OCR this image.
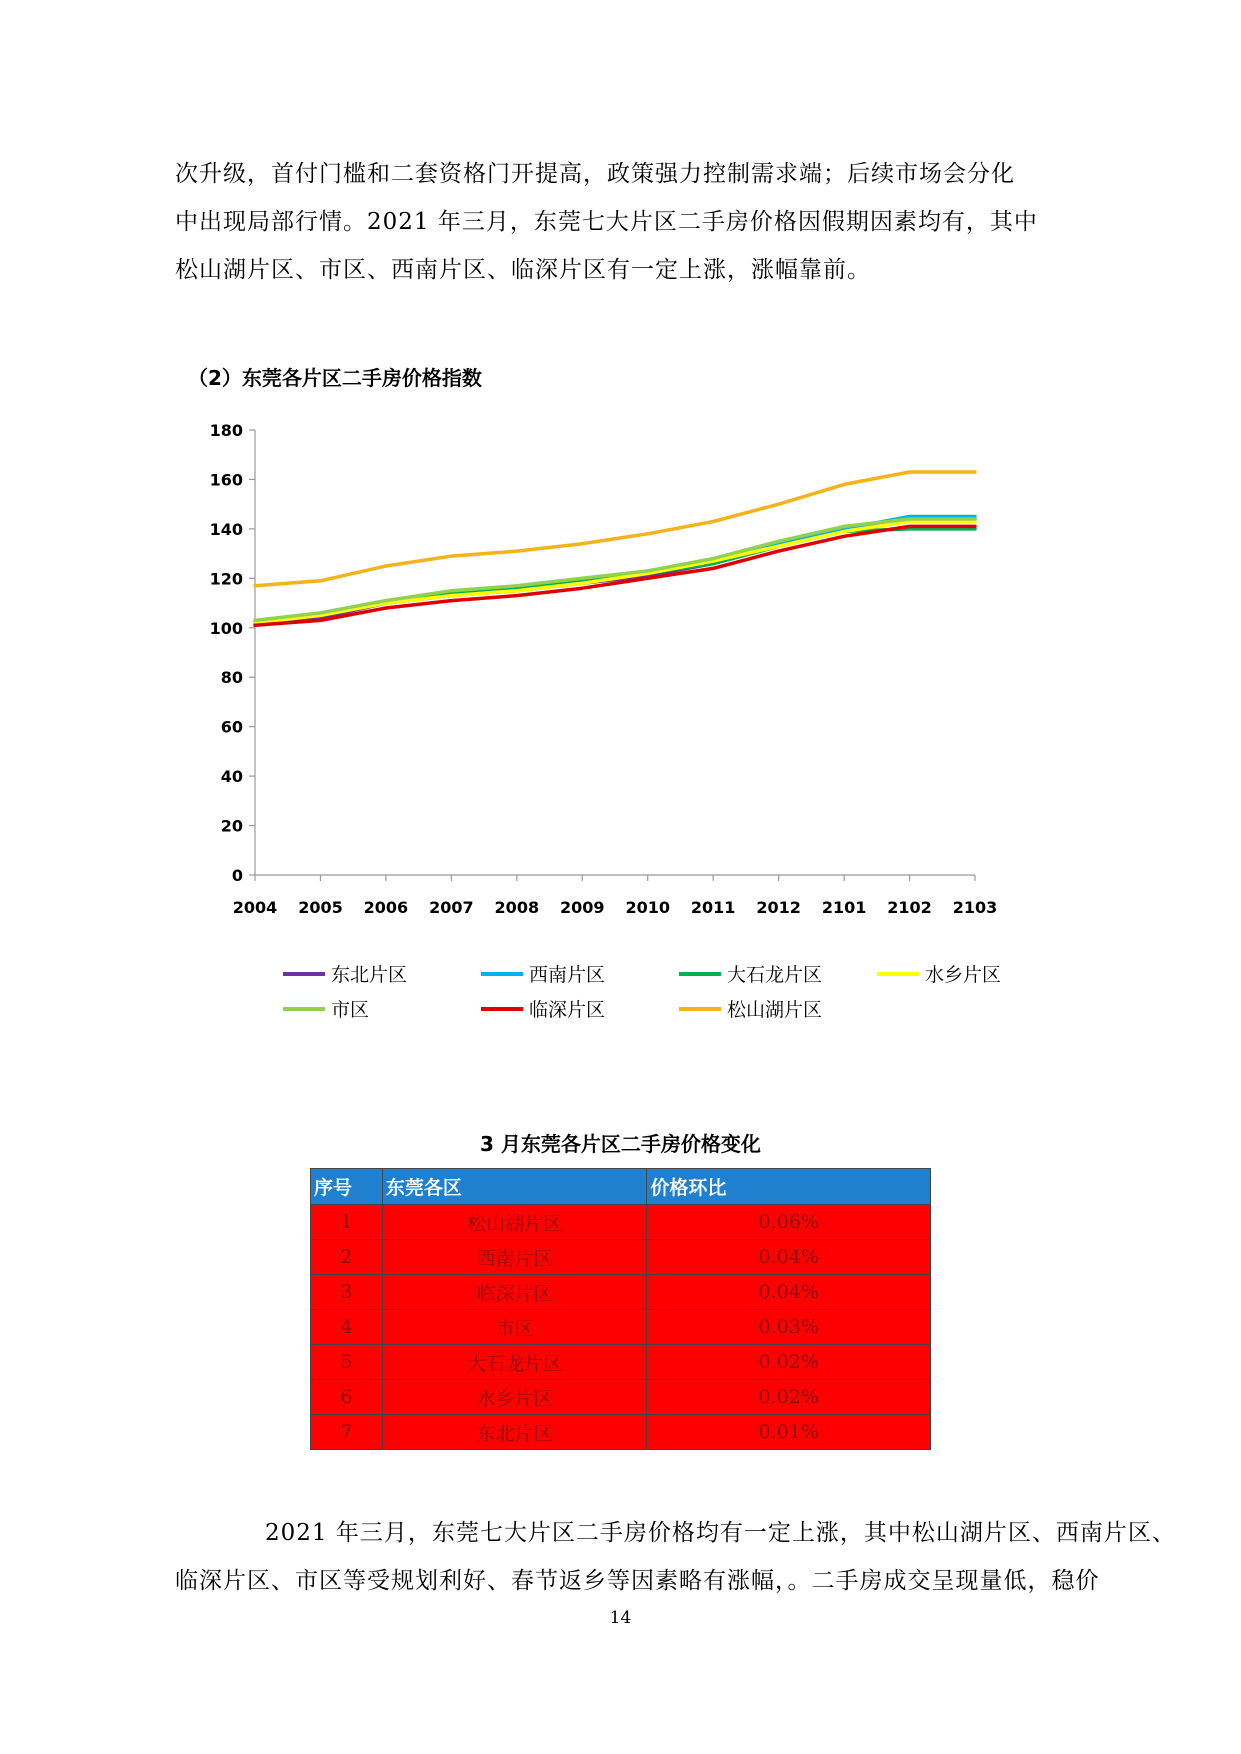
次升级，首付门槛和二套资格门开提高，政策强力控制需求端；后续市场会分化

中出现局部行情。2021 年三月，东莞七大片区二手房价格因假期因素均有，其中

松山湖片区、市区、西南片区、临深片区有一定上涨，涨幅靠前。

（2）东莞各片区二手房价格指数
0
20
40
60
80
100
120
140
160
180
2004 2005 2006 2007 2008 2009 2010 2011 2012 2101 2102 2103
东北片区	西南片区	大石龙片区	水乡片区
市区	临深片区	松山湖片区
3 月东莞各片区二手房价格变化
序号	东莞各区	价格环比
1	松山湖片区	0.06%
2	西南片区	0.04%
3	临深片区	0.04%
4	市区	0.03%
5	大石龙片区	0.02%
6	水乡片区	0.02%
7	东北片区	0.01%

2021 年三月，东莞七大片区二手房价格均有一定上涨，其中松山湖片区、西南片区、

临深片区、市区等受规划利好、春节返乡等因素略有涨幅，。二手房成交呈现量低，稳价

14
